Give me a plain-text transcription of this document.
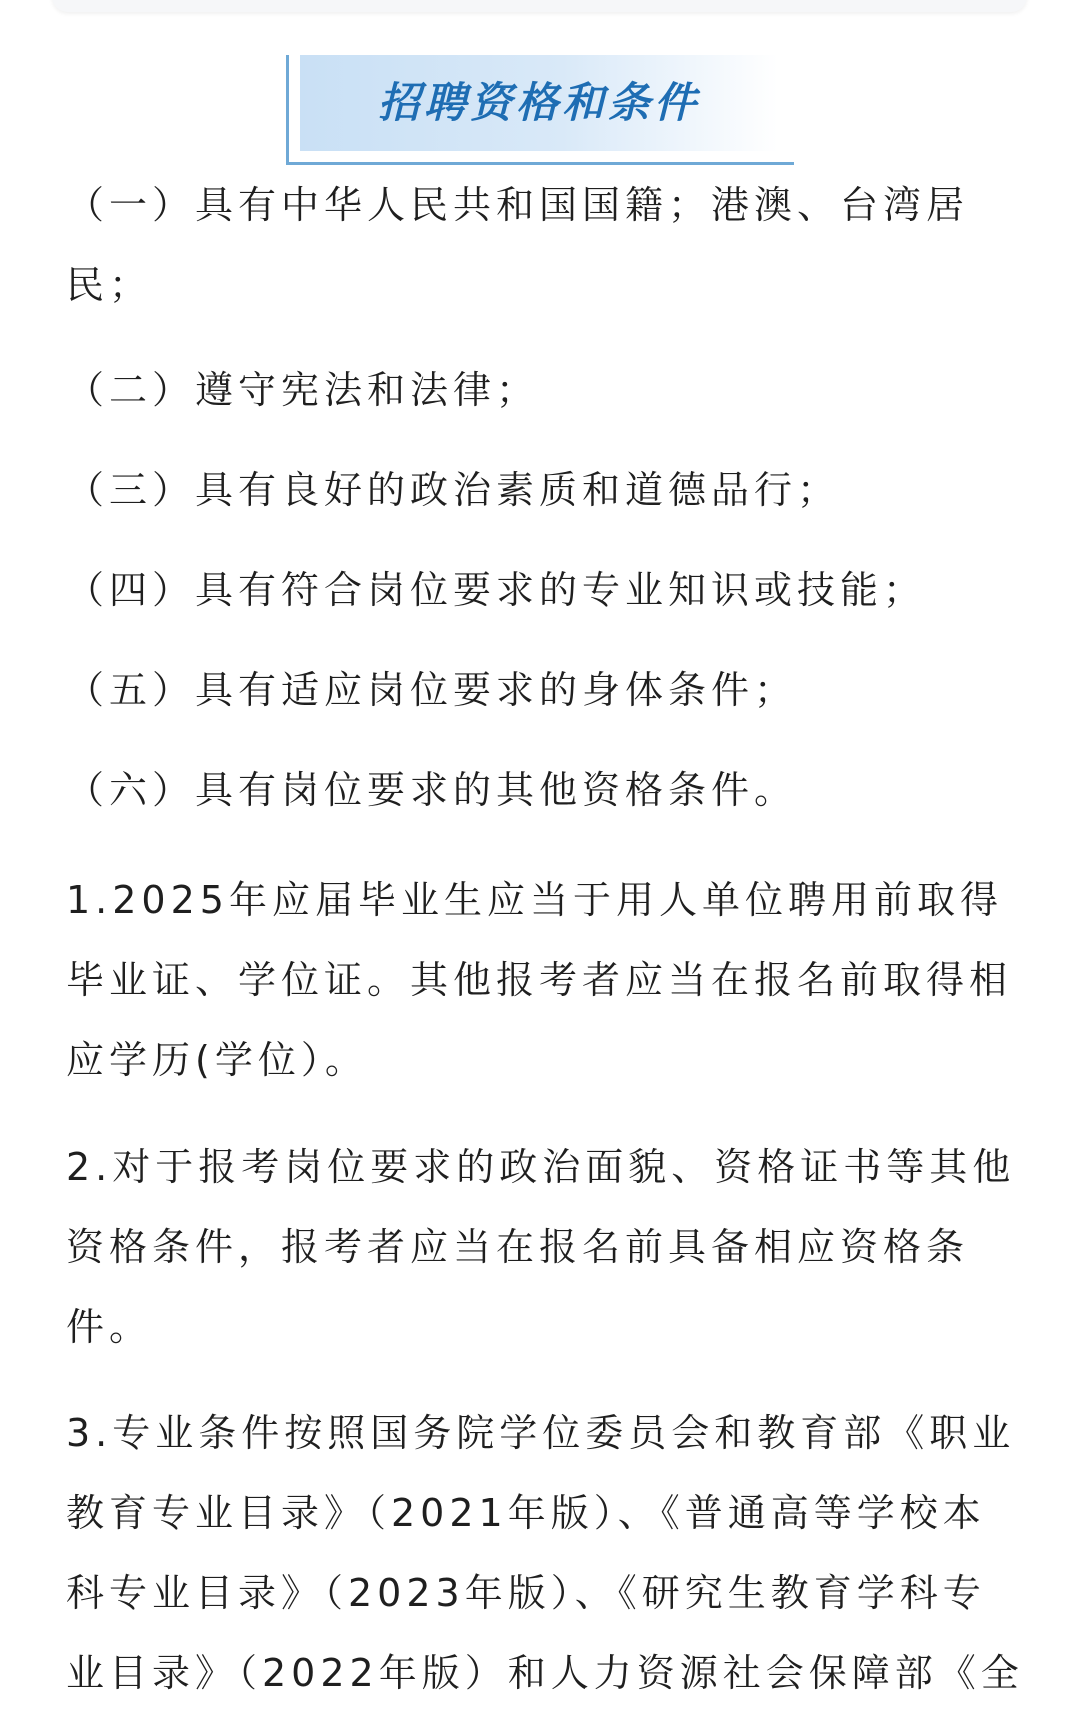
招聘资格和条件
（一）具有中华人民共和国国籍；港澳、台湾居
民；
（二）遵守宪法和法律；
（三）具有良好的政治素质和道德品行；
（四）具有符合岗位要求的专业知识或技能；
（五）具有适应岗位要求的身体条件；
（六）具有岗位要求的其他资格条件。
1.2025年应届毕业生应当于用人单位聘用前取得
毕业证、学位证。其他报考者应当在报名前取得相
应学历(学位）。
2.对于报考岗位要求的政治面貌、资格证书等其他
资格条件，报考者应当在报名前具备相应资格条
件。
3.专业条件按照国务院学位委员会和教育部《职业
教育专业目录》（2021年版）、《普通高等学校本
科专业目录》（2023年版）、《研究生教育学科专
业目录》（2022年版）和人力资源社会保障部《全
